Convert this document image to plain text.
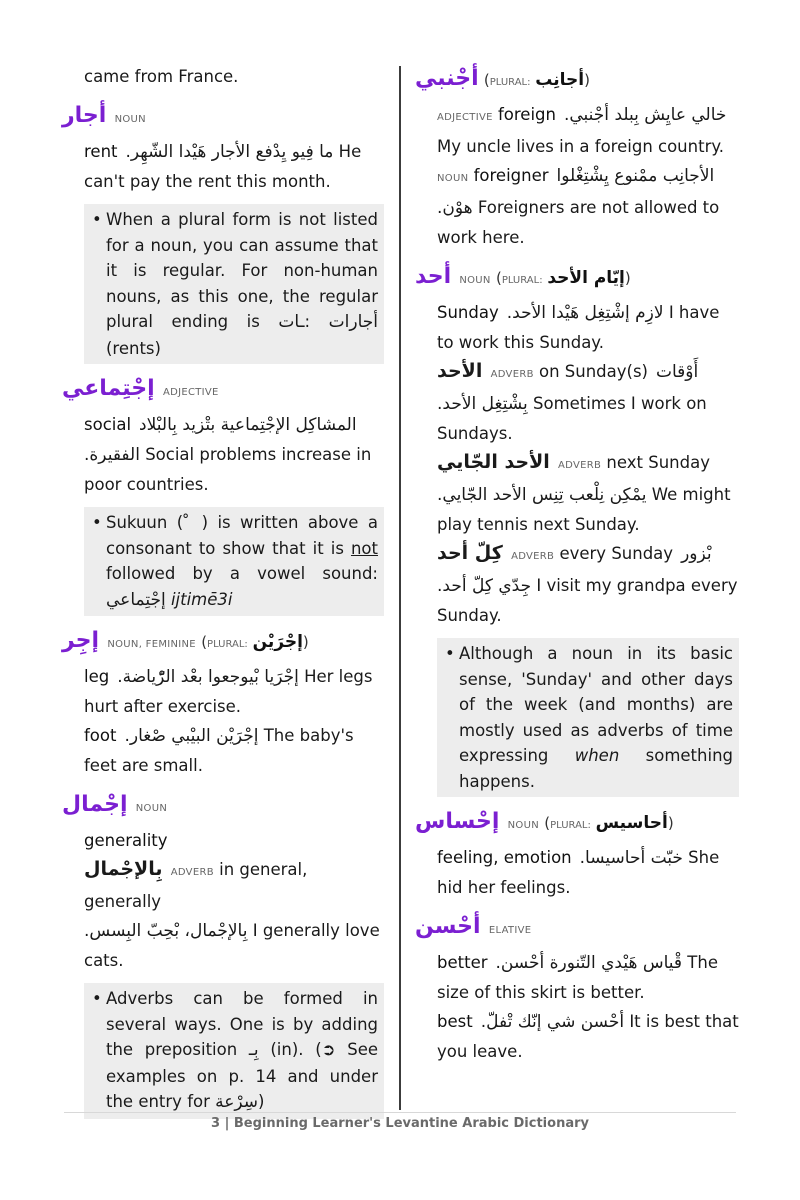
came from France.
أجار NOUN
rent ما فِيو يِدْفع الأجار هَيْدا الشّهِر. He can't pay the rent this month.
• When a plural form is not listed for a noun, you can assume that it is regular. For non-human nouns, as this one, the regular plural ending is ـات: أجارات (rents)
إجْتِماعي ADJECTIVE
social المشاكِل الإجْتِماعية بتْزيد بِالبْلاد الفقيرة. Social problems increase in poor countries.
• Sukuun ( ْ ) is written above a consonant to show that it is not followed by a vowel sound: إجْتِماعي ijtimē3i
إجِر NOUN, FEMININE (PLURAL: إجْرَيْن)
leg إجْرَيا بْيوجعوا بعْد الرّْياضة. Her legs hurt after exercise.
foot إجْرَيْن البيْبي صْغار. The baby's feet are small.
إجْمال NOUN
generality
بِالإجْمال ADVERB in general, generally
بِالإجْمال، بْحِبّ البِسس. I generally love cats.
• Adverbs can be formed in several ways. One is by adding the preposition بِـ (in). (➲ See examples on p. 14 and under the entry for سِرْعة)
أجْنبي (PLURAL: أجانِب)
ADJECTIVE foreign خالي عايِش بِبلد أجْنبي. My uncle lives in a foreign country.
NOUN foreigner الأجانِب ممْنوع يِشْتِغْلوا هوْن. Foreigners are not allowed to work here.
أحد NOUN (PLURAL: إيّام الأحد)
Sunday لازِم إشْتِغِل هَيْدا الأحد. I have to work this Sunday.
الأحد ADVERB on Sunday(s) أَوْقات بِشْتِغِل الأحد. Sometimes I work on Sundays.
الأحد الجّايي ADVERB next Sunday
يمْكِن نِلْعب تِنِس الأحد الجّايي. We might play tennis next Sunday.
كِلّ أحد ADVERB every Sunday بْزور جِدّي كِلّ أحد. I visit my grandpa every Sunday.
• Although a noun in its basic sense, 'Sunday' and other days of the week (and months) are mostly used as adverbs of time expressing when something happens.
إحْساس NOUN (PLURAL: أحاسيس)
feeling, emotion خبّت أحاسيسا. She hid her feelings.
أحْسن ELATIVE
better قْياس هَيْدي التّنورة أحْسن. The size of this skirt is better.
best أحْسن شي إنّك تْفلّ. It is best that you leave.
3 | Beginning Learner's Levantine Arabic Dictionary
